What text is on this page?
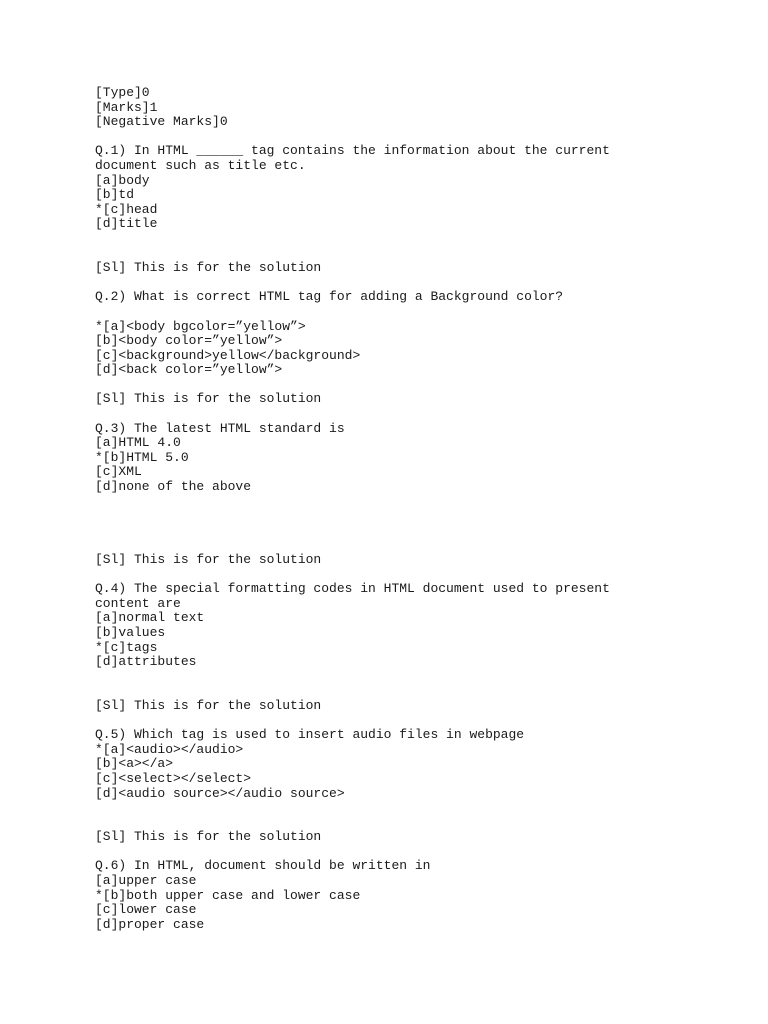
[Type]0
[Marks]1
[Negative Marks]0
Q.1) In HTML ______ tag contains the information about the current
document such as title etc.
[a]body
[b]td
*[c]head
[d]title
[Sl] This is for the solution
Q.2) What is correct HTML tag for adding a Background color?
*[a]<body bgcolor=”yellow”>
[b]<body color=”yellow”>
[c]<background>yellow</background>
[d]<back color=”yellow”>
[Sl] This is for the solution
Q.3) The latest HTML standard is
[a]HTML 4.0
*[b]HTML 5.0
[c]XML
[d]none of the above
[Sl] This is for the solution
Q.4) The special formatting codes in HTML document used to present
content are
[a]normal text
[b]values
*[c]tags
[d]attributes
[Sl] This is for the solution
Q.5) Which tag is used to insert audio files in webpage
*[a]<audio></audio>
[b]<a></a>
[c]<select></select>
[d]<audio source></audio source>
[Sl] This is for the solution
Q.6) In HTML, document should be written in
[a]upper case
*[b]both upper case and lower case
[c]lower case
[d]proper case
